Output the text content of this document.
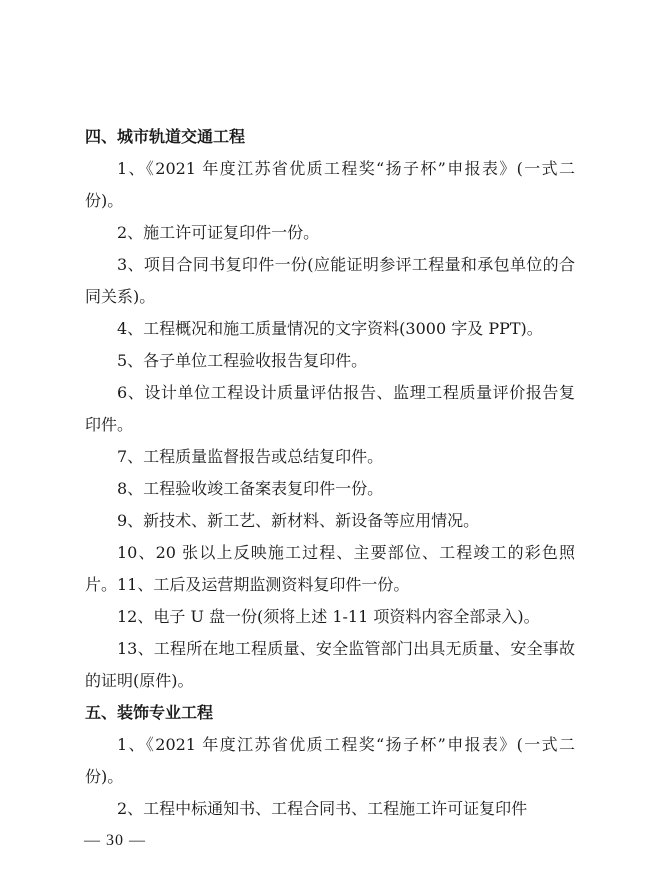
四、城市轨道交通工程

1、《2021 年度江苏省优质工程奖“扬子杯”申报表》(一式二份)。

2、施工许可证复印件一份。

3、项目合同书复印件一份(应能证明参评工程量和承包单位的合同关系)。

4、工程概况和施工质量情况的文字资料(3000 字及 PPT)。

5、各子单位工程验收报告复印件。

6、设计单位工程设计质量评估报告、监理工程质量评价报告复印件。

7、工程质量监督报告或总结复印件。

8、工程验收竣工备案表复印件一份。

9、新技术、新工艺、新材料、新设备等应用情况。

10、20 张以上反映施工过程、主要部位、工程竣工的彩色照片。 11、工后及运营期监测资料复印件一份。

12、电子 U 盘一份(须将上述 1-11 项资料内容全部录入)。

13、工程所在地工程质量、安全监管部门出具无质量、安全事故的证明(原件)。

五、装饰专业工程

1、《2021 年度江苏省优质工程奖“扬子杯”申报表》(一式二份)。

2、工程中标通知书、工程合同书、工程施工许可证复印件

— 30 —
